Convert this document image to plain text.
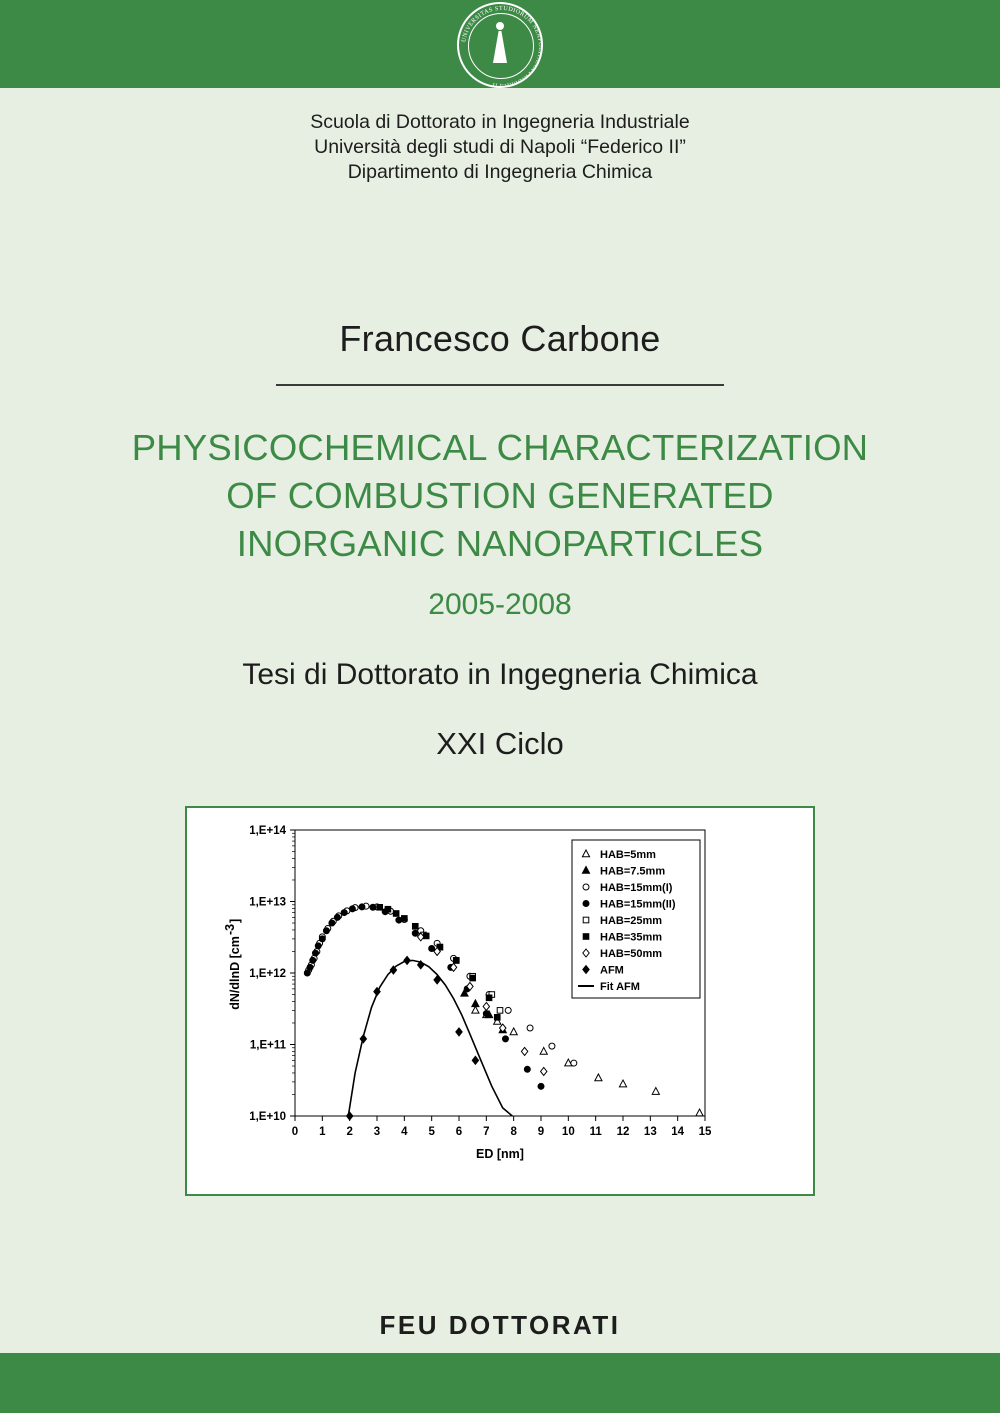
UNIVERSITAS STUDIORUM NEAPOLITANA FRIDERICI II
Scuola di Dottorato in Ingegneria Industriale
Università degli studi di Napoli “Federico II”
Dipartimento di Ingegneria Chimica
Francesco Carbone
PHYSICOCHEMICAL CHARACTERIZATION
OF COMBUSTION GENERATED
INORGANIC NANOPARTICLES
2005-2008
Tesi di Dottorato in Ingegneria Chimica
XXI Ciclo
1,E+10
1,E+11
1,E+12
1,E+13
1,E+14
0 1 2 3 4 5 6 7 8 9 10 11 12 13 14 15
ED [nm]
dN/dlnD [cm
-3
]
HAB=5mm
HAB=7.5mm
HAB=15mm(I)
HAB=15mm(II)
HAB=25mm
HAB=35mm
HAB=50mm
AFM
Fit AFM
FEU DOTTORATI
